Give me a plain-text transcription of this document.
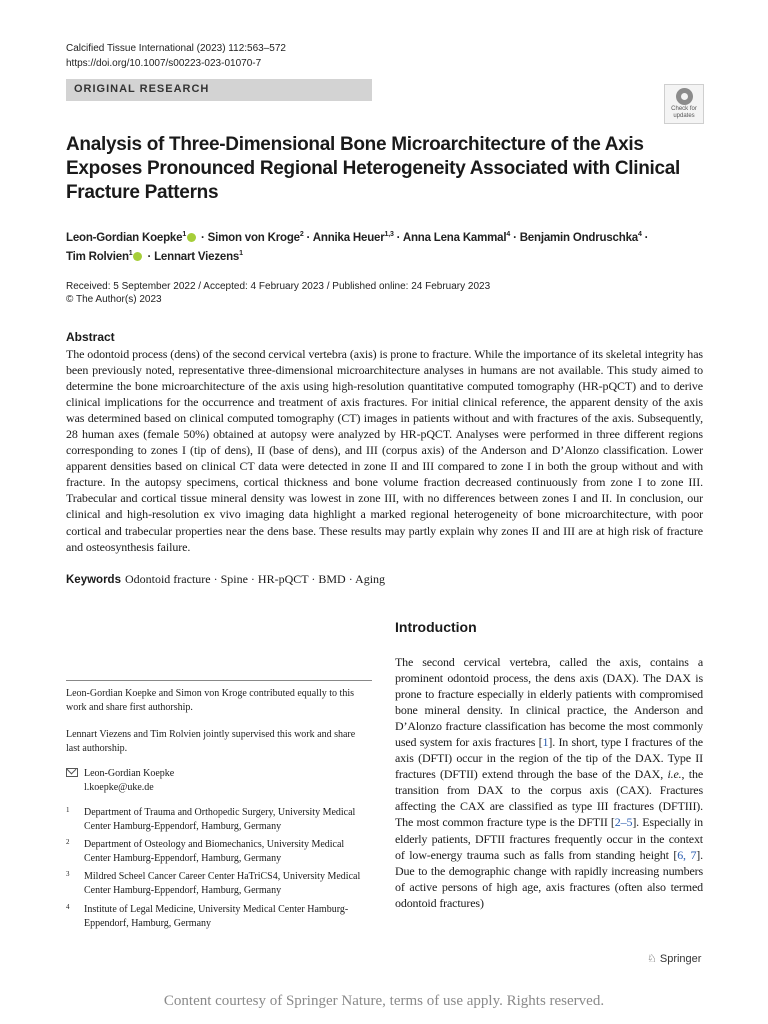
Calcified Tissue International (2023) 112:563–572
https://doi.org/10.1007/s00223-023-01070-7
ORIGINAL RESEARCH
Check for updates
Analysis of Three-Dimensional Bone Microarchitecture of the Axis Exposes Pronounced Regional Heterogeneity Associated with Clinical Fracture Patterns
Leon-Gordian Koepke$^1$ · Simon von Kroge$^2$ · Annika Heuer$^{1,3}$ · Anna Lena Kammal$^4$ · Benjamin Ondruschka$^4$ ·
Tim Rolvien$^1$ · Lennart Viezens$^1$
Received: 5 September 2022 / Accepted: 4 February 2023 / Published online: 24 February 2023
© The Author(s) 2023
Abstract

The odontoid process (dens) of the second cervical vertebra (axis) is prone to fracture. While the importance of its skeletal integrity has been previously noted, representative three-dimensional microarchitecture analyses in humans are not available. This study aimed to determine the bone microarchitecture of the axis using high-resolution quantitative computed tomography (HR-pQCT) and to derive clinical implications for the occurrence and treatment of axis fractures. For initial clinical reference, the apparent density of the axis was determined based on clinical computed tomography (CT) images in patients without and with fractures of the axis. Subsequently, 28 human axes (female 50%) obtained at autopsy were analyzed by HR-pQCT. Analyses were performed in three different regions corresponding to zones I (tip of dens), II (base of dens), and III (corpus axis) of the Anderson and D’Alonzo classification. Lower apparent densities based on clinical CT data were detected in zone II and III compared to zone I in both the group without and with fracture. In the autopsy specimens, cortical thickness and bone volume fraction decreased continuously from zone I to zone III. Trabecular and cortical tissue mineral density was lowest in zone III, with no differences between zones I and II. In conclusion, our clinical and high-resolution ex vivo imaging data highlight a marked regional heterogeneity of bone microarchitecture, with poor cortical and trabecular properties near the dens base. These results may partly explain why zones II and III are at high risk of fracture and osteosynthesis failure.

Keywords Odontoid fracture · Spine · HR-pQCT · BMD · Aging
Introduction

The second cervical vertebra, called the axis, contains a prominent odontoid process, the dens axis (DAX). The DAX is prone to fracture especially in elderly patients with compromised bone mineral density. In clinical practice, the Anderson and D’Alonzo fracture classification has become the most commonly used system for axis fractures [1]. In short, type I fractures of the axis (DFTI) occur in the region of the tip of the DAX. Type II fractures (DFTII) extend through the base of the DAX, i.e., the transition from DAX to the corpus axis (CAX). Fractures affecting the CAX are classified as type III fractures (DFTIII). The most common fracture type is the DFTII [2–5]. Especially in elderly patients, DFTII fractures frequently occur in the context of low-energy trauma such as falls from standing height [6, 7]. Due to the demographic change with rapidly increasing numbers of active persons of high age, axis fractures (often also termed odontoid fractures)

Leon-Gordian Koepke and Simon von Kroge contributed equally to this work and share first authorship.

Lennart Viezens and Tim Rolvien jointly supervised this work and share last authorship.

Leon-Gordian Koepke
l.koepke@uke.de
1 Department of Trauma and Orthopedic Surgery, University Medical Center Hamburg-Eppendorf, Hamburg, Germany
2 Department of Osteology and Biomechanics, University Medical Center Hamburg-Eppendorf, Hamburg, Germany
3 Mildred Scheel Cancer Career Center HaTriCS4, University Medical Center Hamburg-Eppendorf, Hamburg, Germany
4 Institute of Legal Medicine, University Medical Center Hamburg-Eppendorf, Hamburg, Germany
♘ Springer
Content courtesy of Springer Nature, terms of use apply. Rights reserved.
